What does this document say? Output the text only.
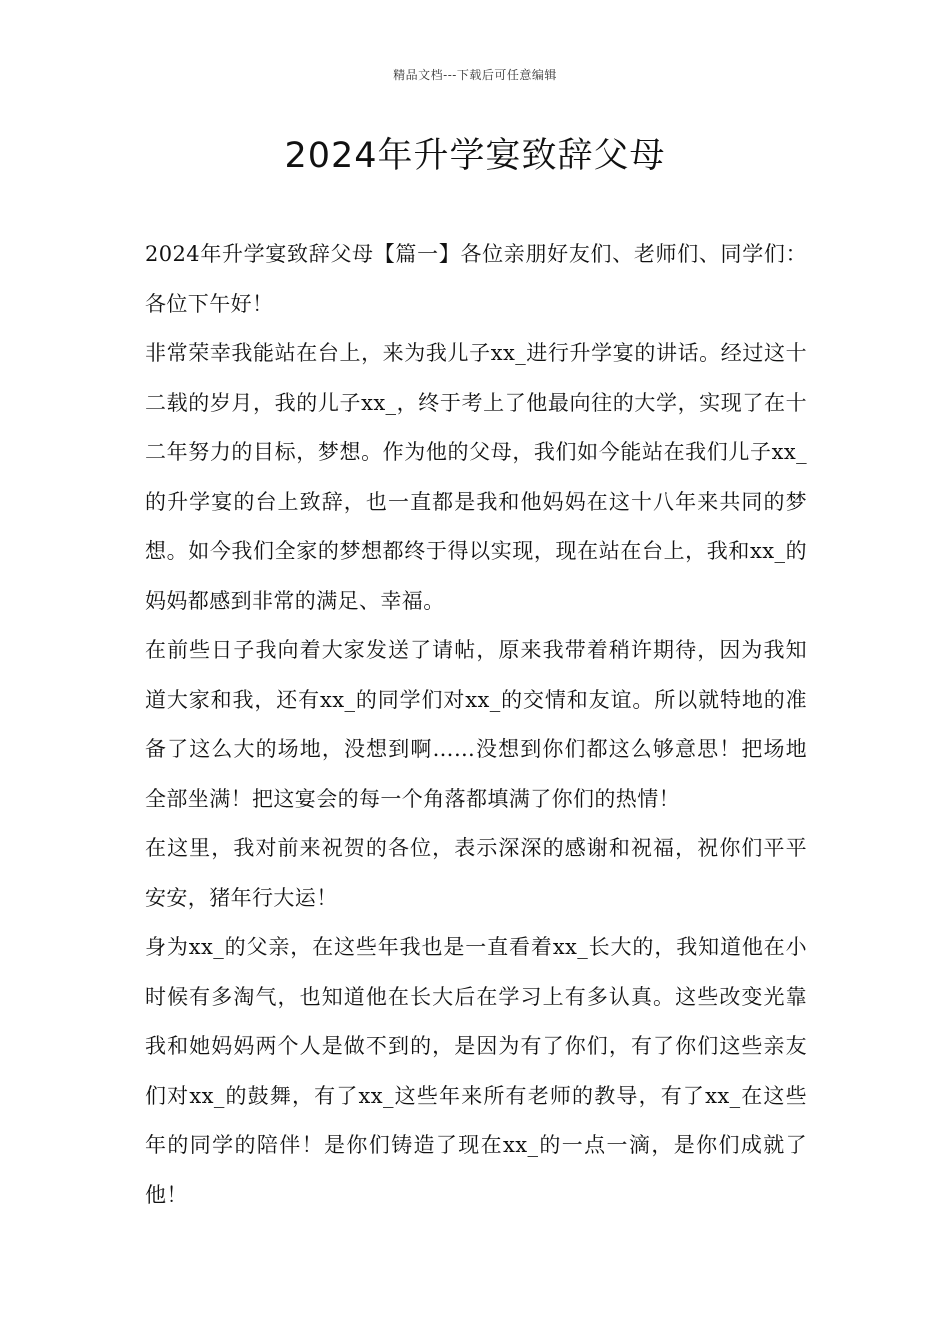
精品文档---下载后可任意编辑
2024年升学宴致辞父母

2024年升学宴致辞父母【篇一】各位亲朋好友们、老师们、同学们：各位下午好！

非常荣幸我能站在台上，来为我儿子xx_进行升学宴的讲话。经过这十二载的岁月，我的儿子xx_，终于考上了他最向往的大学，实现了在十二年努力的目标，梦想。作为他的父母，我们如今能站在我们儿子xx_的升学宴的台上致辞，也一直都是我和他妈妈在这十八年来共同的梦想。如今我们全家的梦想都终于得以实现，现在站在台上，我和xx_的妈妈都感到非常的满足、幸福。

在前些日子我向着大家发送了请帖，原来我带着稍许期待，因为我知道大家和我，还有xx_的同学们对xx_的交情和友谊。所以就特地的准备了这么大的场地，没想到啊……没想到你们都这么够意思！把场地全部坐满！把这宴会的每一个角落都填满了你们的热情！

在这里，我对前来祝贺的各位，表示深深的感谢和祝福，祝你们平平安安，猪年行大运！

身为xx_的父亲，在这些年我也是一直看着xx_长大的，我知道他在小时候有多淘气，也知道他在长大后在学习上有多认真。这些改变光靠我和她妈妈两个人是做不到的，是因为有了你们，有了你们这些亲友们对xx_的鼓舞，有了xx_这些年来所有老师的教导，有了xx_在这些年的同学的陪伴！是你们铸造了现在xx_的一点一滴，是你们成就了他！
